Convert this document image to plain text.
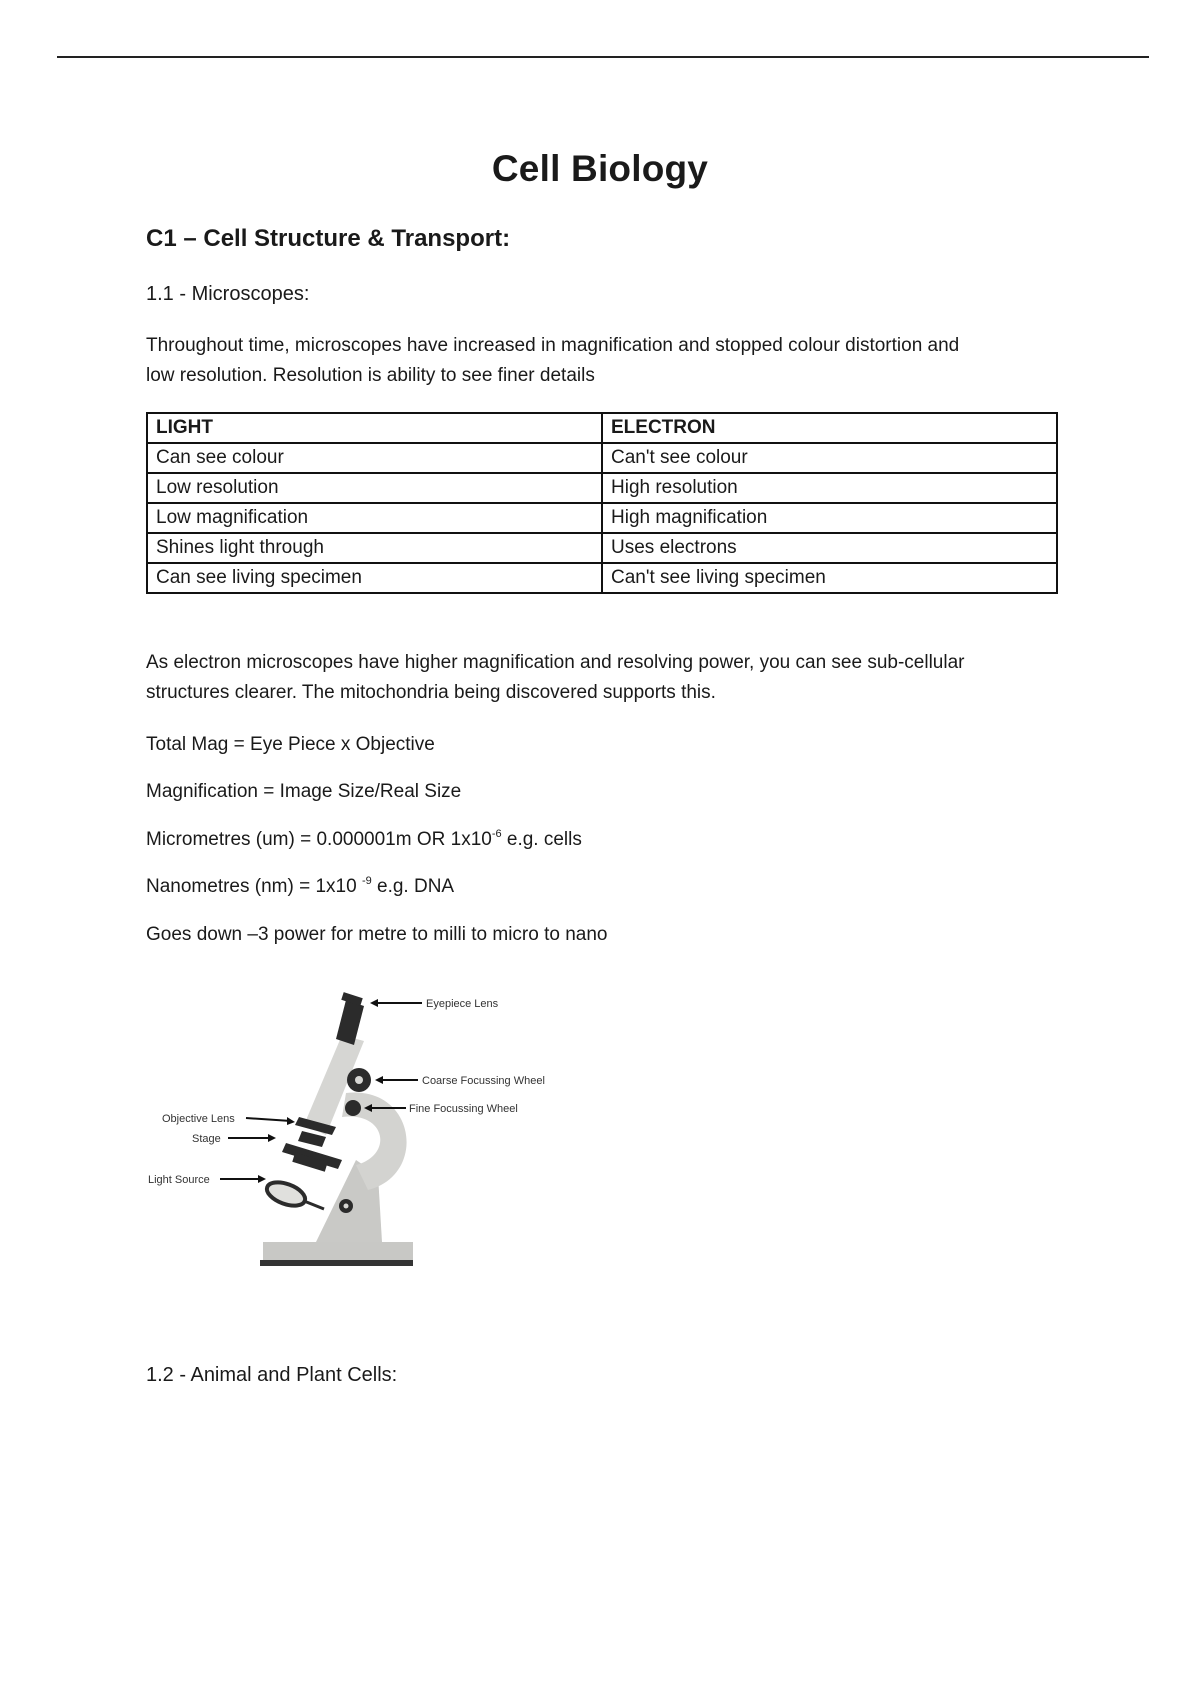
Cell Biology
C1 – Cell Structure & Transport:
1.1 - Microscopes:
Throughout time, microscopes have increased in magnification and stopped colour distortion and
low resolution. Resolution is ability to see finer details
LIGHT	ELECTRON
Can see colour	Can't see colour
Low resolution	High resolution
Low magnification	High magnification
Shines light through	Uses electrons
Can see living specimen	Can't see living specimen
As electron microscopes have higher magnification and resolving power, you can see sub-cellular
structures clearer. The mitochondria being discovered supports this.
Total Mag = Eye Piece x Objective
Magnification = Image Size/Real Size
Micrometres (um) = 0.000001m OR $1x10^{-6}$ e.g. cells
Nanometres (nm) = 1x10 $^{-9}$ e.g. DNA
Goes down –3 power for metre to milli to micro to nano
Eyepiece Lens
Coarse Focussing Wheel
Fine Focussing Wheel
Objective Lens
Stage
Light Source
1.2 - Animal and Plant Cells:
